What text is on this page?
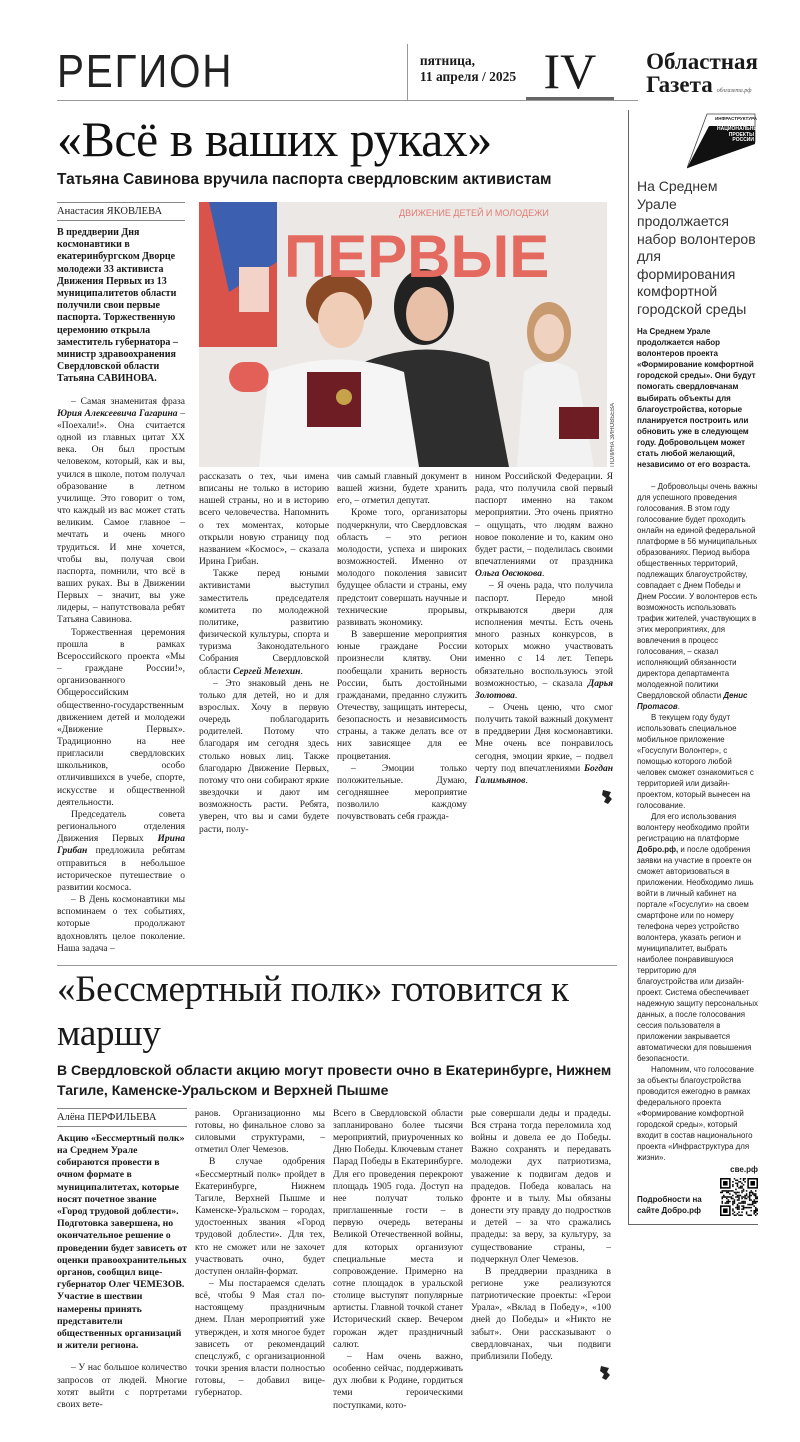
РЕГИОН	пятница,
11 апреля / 2025 IV	Областная
Газета облгазета.рф
«Всё в ваших руках»
Татьяна Савинова вручила паспорта свердловским активистам
Анастасия ЯКОВЛЕВА
В преддверии Дня космонавтики в екатеринбургском Дворце молодежи 33 активиста Движения Первых из 13 муниципалитетов области получили свои первые паспорта. Торжественную церемонию открыла заместитель губернатора – министр здравоохранения Свердловской области Татьяна САВИНОВА.

– Самая знаменитая фраза Юрия Алексеевича Гагарина – «Поехали!». Она считается одной из главных цитат XX века. Он был простым человеком, который, как и вы, учился в школе, потом получал образование в летном училище. Это говорит о том, что каждый из вас может стать великим. Самое главное – мечтать и очень много трудиться. И мне хочется, чтобы вы, получая свои паспорта, помнили, что всё в ваших руках. Вы в Движении Первых – значит, вы уже лидеры, – напутствовала ребят Татьяна Савинова.

Торжественная церемония прошла в рамках Всероссийского проекта «Мы – граждане России!», организованного Общероссийским общественно-государственным движением детей и молодежи «Движение Первых». Традиционно на нее пригласили свердловских школьников, особо отличившихся в учебе, спорте, искусстве и общественной деятельности.

Председатель совета регионального отделения Движения Первых Ирина Грибан предложила ребятам отправиться в небольшое историческое путешествие о развитии космоса.

– В День космонавтики мы вспоминаем о тех событиях, которые продолжают вдохновлять целое поколение. Наша задача –

ДВИЖЕНИЕ ДЕТЕЙ И МОЛОДЕЖИ
ПЕРВЫЕ
ПОЛИНА ЗИНОВЬЕВА

рассказать о тех, чьи имена вписаны не только в историю нашей страны, но и в историю всего человечества. Напомнить о тех моментах, которые открыли новую страницу под названием «Космос», – сказала Ирина Грибан.

Также перед юными активистами выступил заместитель председателя комитета по молодежной политике, развитию физической культуры, спорта и туризма Законодательного Собрания Свердловской области Сергей Мелехин.

– Это знаковый день не только для детей, но и для взрослых. Хочу в первую очередь поблагодарить родителей. Потому что благодаря им сегодня здесь столько новых лиц. Также благодарю Движение Первых, потому что они собирают яркие звездочки и дают им возможность расти. Ребята, уверен, что вы и сами будете расти, полу-

чив самый главный документ в вашей жизни, будете хранить его, – отметил депутат.

Кроме того, организаторы подчеркнули, что Свердловская область – это регион молодости, успеха и широких возможностей. Именно от молодого поколения зависит будущее области и страны, ему предстоит совершать научные и технические прорывы, развивать экономику.

В завершение мероприятия юные граждане России произнесли клятву. Они пообещали хранить верность России, быть достойными гражданами, преданно служить Отечеству, защищать интересы, безопасность и независимость страны, а также делать все от них зависящее для ее процветания.

– Эмоции только положительные. Думаю, сегодняшнее мероприятие позволило каждому почувствовать себя гражда-

нином Российской Федерации. Я рада, что получила свой первый паспорт именно на таком мероприятии. Это очень приятно – ощущать, что людям важно новое поколение и то, каким оно будет расти, – поделилась своими впечатлениями от праздника Ольга Овсюкова.

– Я очень рада, что получила паспорт. Передо мной открываются двери для исполнения мечты. Есть очень много разных конкурсов, в которых можно участвовать именно с 14 лет. Теперь обязательно воспользуюсь этой возможностью, – сказала Дарья Золотова.

– Очень ценю, что смог получить такой важный документ в преддверии Дня космонавтики. Мне очень все понравилось сегодня, эмоции яркие, – подвел черту под впечатлениями Богдан Галимьянов.

«Бессмертный полк» готовится к маршу
В Свердловской области акцию могут провести очно в Екатеринбурге, Нижнем Тагиле, Каменске-Уральском и Верхней Пышме
Алёна ПЕРФИЛЬЕВА
Акцию «Бессмертный полк» на Среднем Урале собираются провести в очном формате в муниципалитетах, которые носят почетное звание «Город трудовой доблести». Подготовка завершена, но окончательное решение о проведении будет зависеть от оценки правоохранительных органов, сообщил вице-губернатор Олег ЧЕМЕЗОВ. Участие в шествии намерены принять представители общественных организаций и жители региона.

– У нас большое количество запросов от людей. Многие хотят выйти с портретами своих вете-

ранов. Организационно мы готовы, но финальное слово за силовыми структурами, – отметил Олег Чемезов.

В случае одобрения «Бессмертный полк» пройдет в Екатеринбурге, Нижнем Тагиле, Верхней Пышме и Каменске-Уральском – городах, удостоенных звания «Город трудовой доблести». Для тех, кто не сможет или не захочет участвовать очно, будет доступен онлайн-формат.

– Мы постараемся сделать всё, чтобы 9 Мая стал по-настоящему праздничным днем. План мероприятий уже утвержден, и хотя многое будет зависеть от рекомендаций спецслужб, с организационной точки зрения власти полностью готовы, – добавил вице-губернатор.

Всего в Свердловской области запланировано более тысячи мероприятий, приуроченных ко Дню Победы. Ключевым станет Парад Победы в Екатеринбурге. Для его проведения перекроют площадь 1905 года. Доступ на нее получат только приглашенные гости – в первую очередь ветераны Великой Отечественной войны, для которых организуют специальные места и сопровождение. Примерно на сотне площадок в уральской столице выступят популярные артисты. Главной точкой станет Исторический сквер. Вечером горожан ждет праздничный салют.

– Нам очень важно, особенно сейчас, поддерживать дух любви к Родине, гордиться теми героическими поступками, кото-

рые совершали деды и прадеды. Вся страна тогда переломила ход войны и довела ее до Победы. Важно сохранять и передавать молодежи дух патриотизма, уважение к подвигам дедов и прадедов. Победа ковалась на фронте и в тылу. Мы обязаны донести эту правду до подростков и детей – за что сражались прадеды: за веру, за культуру, за существование страны, – подчеркнул Олег Чемезов.

В преддверии праздника в регионе уже реализуются патриотические проекты: «Герои Урала», «Вклад в Победу», «100 дней до Победы» и «Никто не забыт». Они рассказывают о свердловчанах, чьи подвиги приблизили Победу.

ИНФРАСТРУКТУРА
НАЦИОНАЛЬНЫЕ ПРОЕКТЫ РОССИИ
На Среднем Урале продолжается набор волонтеров для формирования комфортной городской среды
На Среднем Урале продолжается набор волонтеров проекта «Формирование комфортной городской среды». Они будут помогать свердловчанам выбирать объекты для благоустройства, которые планируется построить или обновить уже в следующем году. Добровольцем может стать любой желающий, независимо от его возраста.

– Добровольцы очень важны для успешного проведения голосования. В этом году голосование будет проходить онлайн на единой федеральной платформе в 56 муниципальных образованиях. Период выбора общественных территорий, подлежащих благоустройству, совпадает с Днем Победы и Днем России. У волонтеров есть возможность использовать трафик жителей, участвующих в этих мероприятиях, для вовлечения в процесс голосования, – сказал исполняющий обязанности директора департамента молодежной политики Свердловской области Денис Протасов.

В текущем году будут использовать специальное мобильное приложение «Госуслуги Волонтер», с помощью которого любой человек сможет ознакомиться с территорией или дизайн-проектом, который вынесен на голосование.

Для его использования волонтеру необходимо пройти регистрацию на платформе Добро.рф, и после одобрения заявки на участие в проекте он сможет авторизоваться в приложении. Необходимо лишь войти в личный кабинет на портале «Госуслуги» на своем смартфоне или по номеру телефона через устройство волонтера, указать регион и муниципалитет, выбрать наиболее понравившуюся территорию для благоустройства или дизайн-проект. Система обеспечивает надежную защиту персональных данных, а после голосования сессия пользователя в приложении закрывается автоматически для повышения безопасности.

Напомним, что голосование за объекты благоустройства проводится ежегодно в рамках федерального проекта «Формирование комфортной городской среды», который входит в состав национального проекта «Инфраструктура для жизни».

све.рф
Подробности на сайте Добро.рф
